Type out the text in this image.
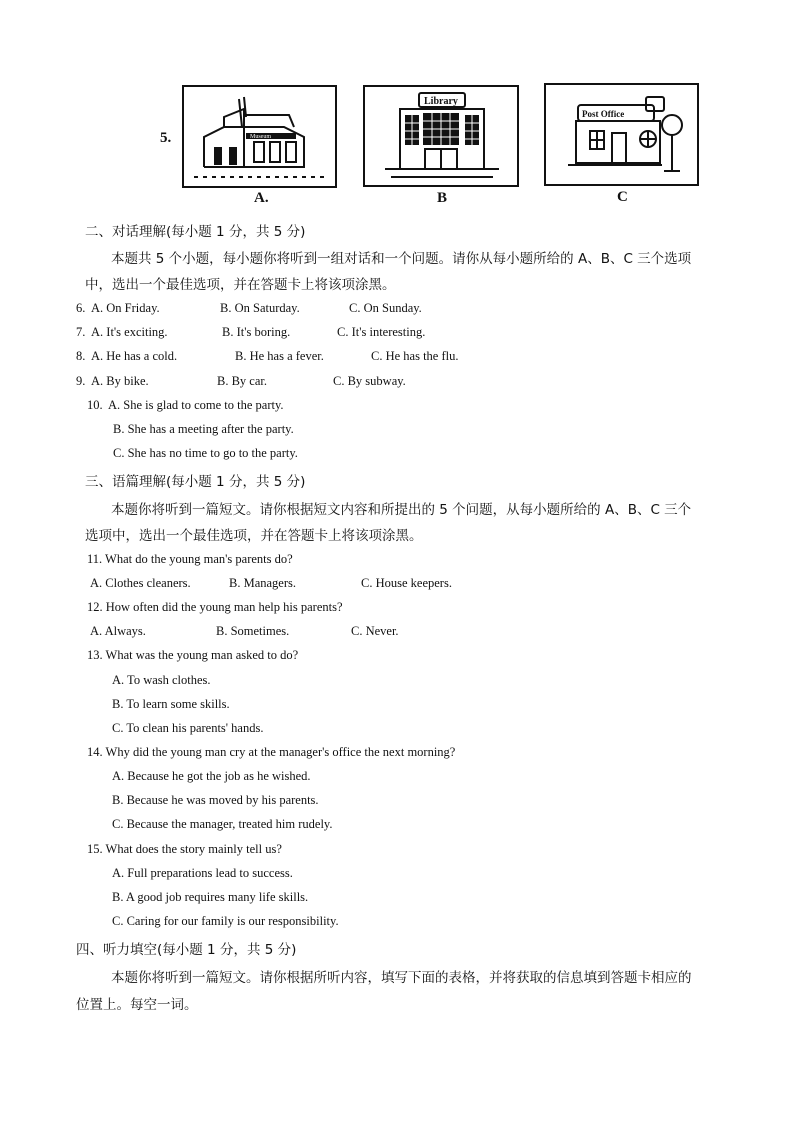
5.	Museum
A.
Library
B
Post Office
C
二、对话理解(每小题 1 分，共 5 分)
本题共 5 个小题，每小题你将听到一组对话和一个问题。请你从每小题所给的 A、B、C 三个选项
中，选出一个最佳选项，并在答题卡上将该项涂黑。
6. A. On Friday.	B. On Saturday.	C. On Sunday.
7. A. It's exciting.	B. It's boring.	C. It's interesting.
8. A. He has a cold.	B. He has a fever.	C. He has the flu.
9. A. By bike.	B. By car.	C. By subway.
10. A. She is glad to come to the party.
B. She has a meeting after the party.
C. She has no time to go to the party.
三、语篇理解(每小题 1 分，共 5 分)
本题你将听到一篇短文。请你根据短文内容和所提出的 5 个问题，从每小题所给的 A、B、C 三个
选项中，选出一个最佳选项，并在答题卡上将该项涂黑。
11. What do the young man's parents do?
A. Clothes cleaners.	B. Managers.	C. House keepers.
12. How often did the young man help his parents?
A. Always.	B. Sometimes.	C. Never.
13. What was the young man asked to do?
A. To wash clothes.
B. To learn some skills.
C. To clean his parents' hands.
14. Why did the young man cry at the manager's office the next morning?
A. Because he got the job as he wished.
B. Because he was moved by his parents.
C. Because the manager, treated him rudely.
15. What does the story mainly tell us?
A. Full preparations lead to success.
B. A good job requires many life skills.
C. Caring for our family is our responsibility.
四、听力填空(每小题 1 分，共 5 分)
本题你将听到一篇短文。请你根据所听内容，填写下面的表格，并将获取的信息填到答题卡相应的
位置上。每空一词。
